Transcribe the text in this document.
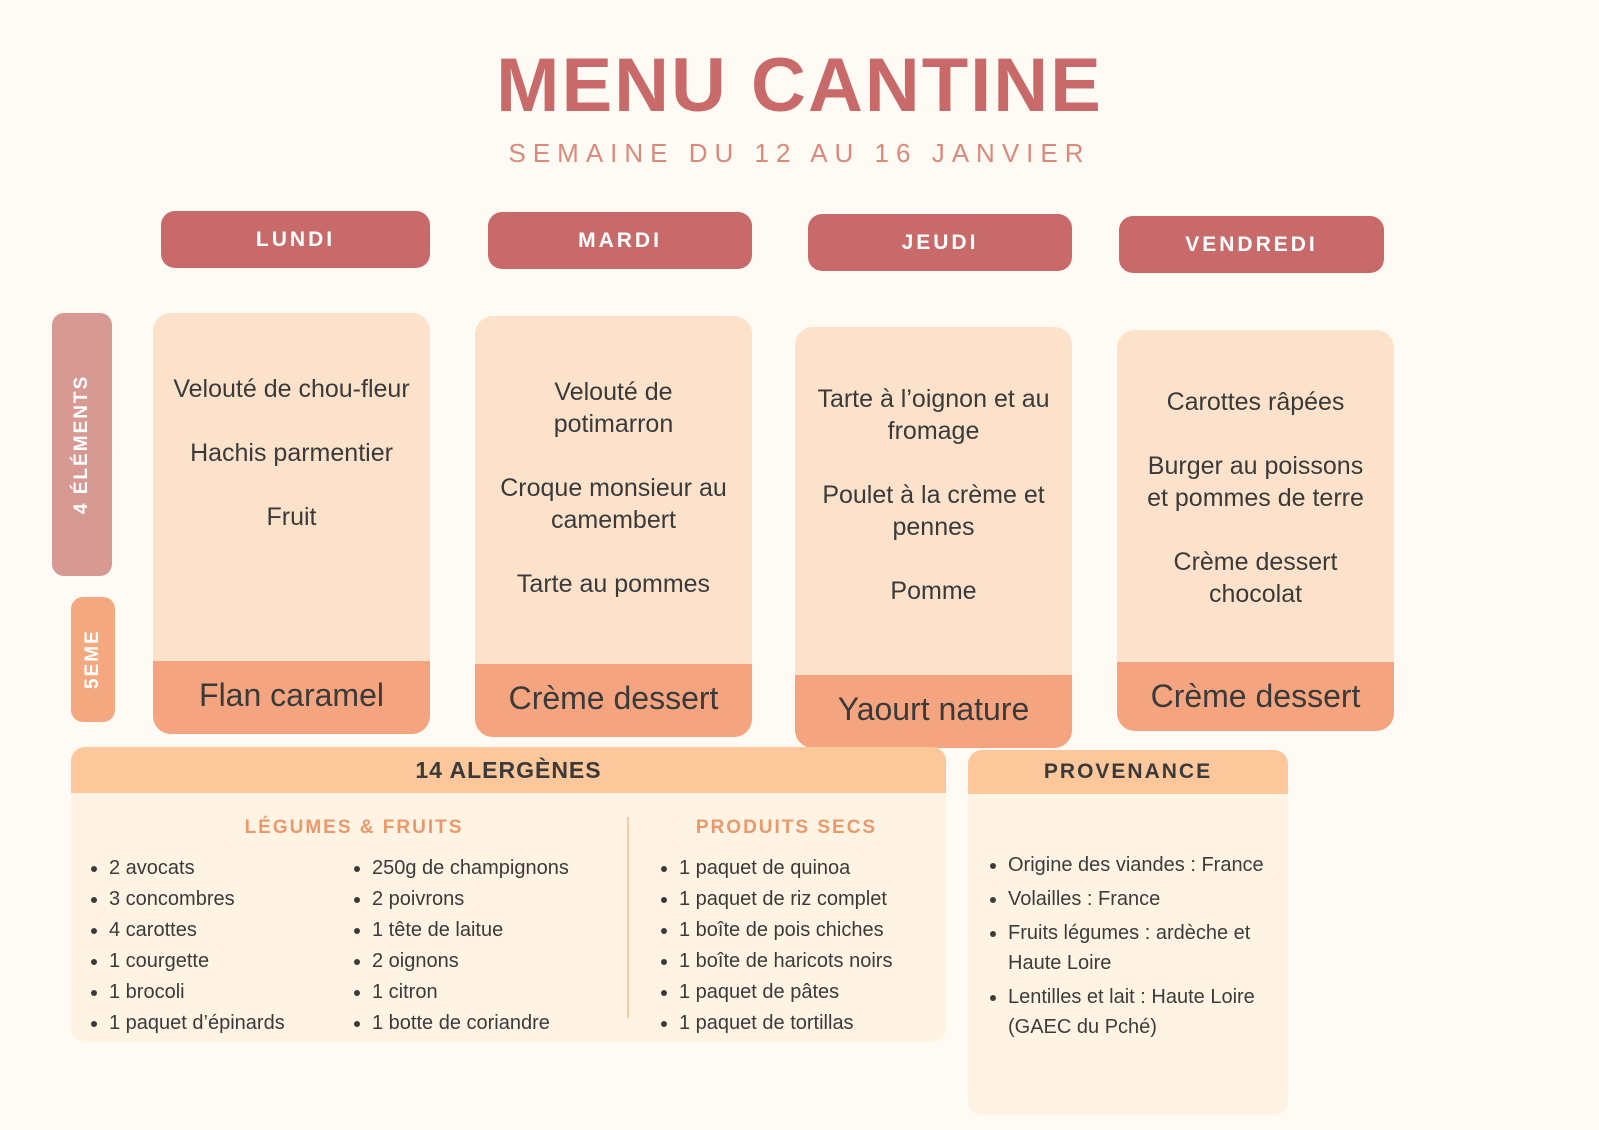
MENU CANTINE
SEMAINE DU 12 AU 16 JANVIER
LUNDI	MARDI	JEUDI	VENDREDI
4 ÉLÉMENTS
5EME
Velouté de chou-fleur
Hachis parmentier
Fruit
Flan caramel
Velouté de potimarron
Croque monsieur au camembert
Tarte au pommes
Crème dessert
Tarte à l’oignon et au fromage
Poulet à la crème et pennes
Pomme
Yaourt nature
Carottes râpées
Burger au poissons et pommes de terre
Crème dessert chocolat
Crème dessert
14 ALERGÈNES
LÉGUMES & FRUITS
• 2 avocats
• 3 concombres
• 4 carottes
• 1 courgette
• 1 brocoli
• 1 paquet d’épinards
• 250g de champignons
• 2 poivrons
• 1 tête de laitue
• 2 oignons
• 1 citron
• 1 botte de coriandre
PRODUITS SECS
• 1 paquet de quinoa
• 1 paquet de riz complet
• 1 boîte de pois chiches
• 1 boîte de haricots noirs
• 1 paquet de pâtes
• 1 paquet de tortillas
PROVENANCE
• Origine des viandes : France
• Volailles : France
• Fruits légumes : ardèche et Haute Loire
• Lentilles et lait : Haute Loire (GAEC du Pché)
